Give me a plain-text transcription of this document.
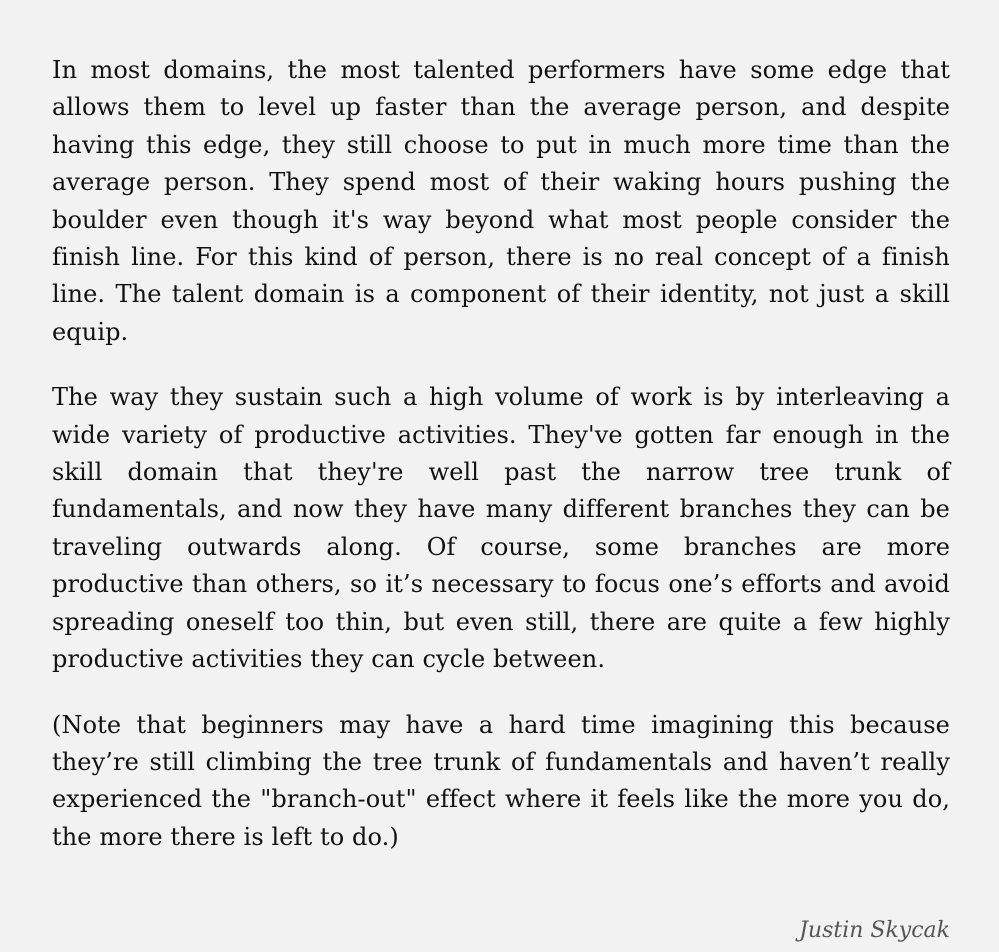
In most domains, the most talented performers have some edge that allows them to level up faster than the average person, and despite having this edge, they still choose to put in much more time than the average person. They spend most of their waking hours pushing the boulder even though it's way beyond what most people consider the finish line. For this kind of person, there is no real concept of a finish line. The talent domain is a component of their identity, not just a skill equip.

The way they sustain such a high volume of work is by interleaving a wide variety of productive activities. They've gotten far enough in the skill domain that they're well past the narrow tree trunk of fundamentals, and now they have many different branches they can be traveling outwards along. Of course, some branches are more productive than others, so it’s necessary to focus one’s efforts and avoid spreading oneself too thin, but even still, there are quite a few highly productive activities they can cycle between.

(Note that beginners may have a hard time imagining this because they’re still climbing the tree trunk of fundamentals and haven’t really experienced the "branch-out" effect where it feels like the more you do, the more there is left to do.)

Justin Skycak
